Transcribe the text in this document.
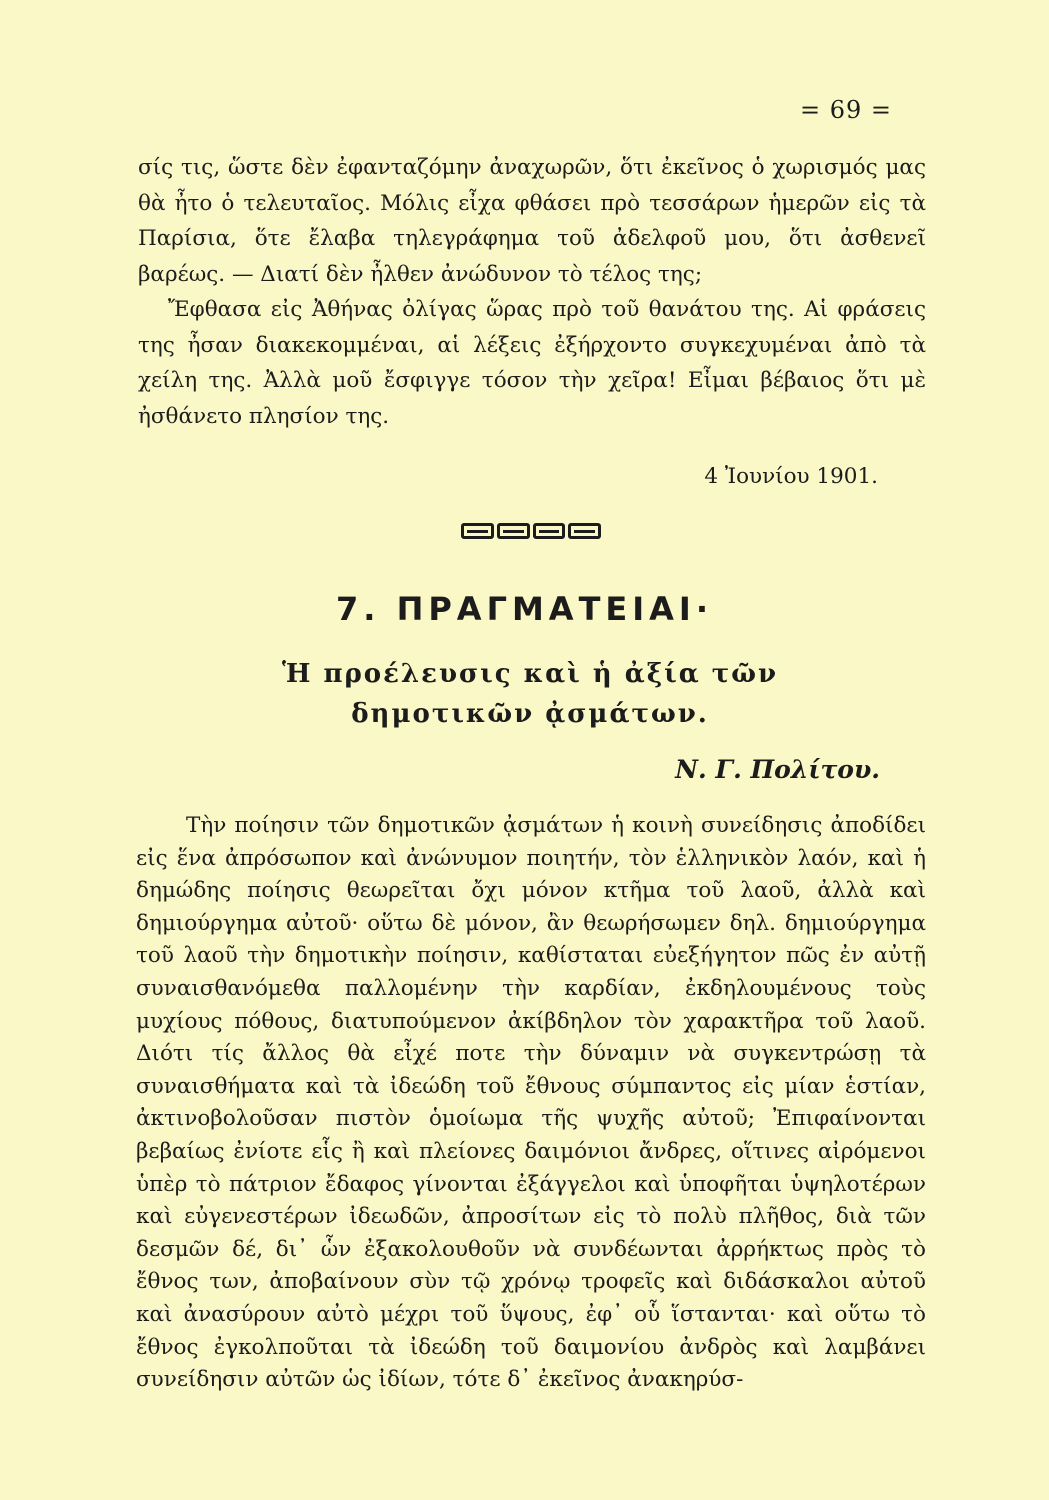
= 69 =

σίς τις, ὥστε δὲν ἐφανταζόμην ἀναχωρῶν, ὅτι ἐκεῖνος ὁ χωρισμός μας θὰ ἦτο ὁ τελευταῖος. Μόλις εἶχα φθάσει πρὸ τεσσάρων ἡμερῶν εἰς τὰ Παρίσια, ὅτε ἔλαβα τηλεγράφημα τοῦ ἀδελφοῦ μου, ὅτι ἀσθενεῖ βαρέως. — Διατί δὲν ἦλθεν ἀνώδυνον τὸ τέλος της;

Ἔφθασα εἰς Ἀθήνας ὀλίγας ὥρας πρὸ τοῦ θανάτου της. Αἱ φράσεις της ἦσαν διακεκομμέναι, αἱ λέξεις ἐξήρχοντο συγκεχυμέναι ἀπὸ τὰ χείλη της. Ἀλλὰ μοῦ ἔσφιγγε τόσον τὴν χεῖρα! Εἶμαι βέβαιος ὅτι μὲ ἠσθάνετο πλησίον της.

4 Ἰουνίου 1901.
7. ΠΡΑΓΜΑΤΕΙΑΙ·
Ἡ προέλευσις καὶ ἡ ἀξία τῶν δημοτικῶν ᾀσμάτων.
Ν. Γ. Πολίτου.

Τὴν ποίησιν τῶν δημοτικῶν ᾀσμάτων ἡ κοινὴ συνείδησις ἀποδίδει εἰς ἕνα ἀπρόσωπον καὶ ἀνώνυμον ποιητήν, τὸν ἑλληνικὸν λαόν, καὶ ἡ δημώδης ποίησις θεωρεῖται ὄχι μόνον κτῆμα τοῦ λαοῦ, ἀλλὰ καὶ δημιούργημα αὐτοῦ· οὕτω δὲ μόνον, ἂν θεωρήσωμεν δηλ. δημιούργημα τοῦ λαοῦ τὴν δημοτικὴν ποίησιν, καθίσταται εὐεξήγητον πῶς ἐν αὐτῇ συναισθανόμεθα παλλομένην τὴν καρδίαν, ἐκδηλουμένους τοὺς μυχίους πόθους, διατυπούμενον ἀκίβδηλον τὸν χαρακτῆρα τοῦ λαοῦ. Διότι τίς ἄλλος θὰ εἶχέ ποτε τὴν δύναμιν νὰ συγκεντρώσῃ τὰ συναισθήματα καὶ τὰ ἰδεώδη τοῦ ἔθνους σύμπαντος εἰς μίαν ἑστίαν, ἀκτινοβολοῦσαν πιστὸν ὁμοίωμα τῆς ψυχῆς αὐτοῦ; Ἐπιφαίνονται βεβαίως ἐνίοτε εἷς ἢ καὶ πλείονες δαιμόνιοι ἄνδρες, οἵτινες αἰρόμενοι ὑπὲρ τὸ πάτριον ἔδαφος γίνονται ἐξάγγελοι καὶ ὑποφῆται ὑψηλοτέρων καὶ εὐγενεστέρων ἰδεωδῶν, ἀπροσίτων εἰς τὸ πολὺ πλῆθος, διὰ τῶν δεσμῶν δέ, δι᾽ ὧν ἐξακολουθοῦν νὰ συνδέωνται ἀρρήκτως πρὸς τὸ ἔθνος των, ἀποβαίνουν σὺν τῷ χρόνῳ τροφεῖς καὶ διδάσκαλοι αὐτοῦ καὶ ἀνασύρουν αὐτὸ μέχρι τοῦ ὕψους, ἐφ᾽ οὗ ἵστανται· καὶ οὕτω τὸ ἔθνος ἐγκολποῦται τὰ ἰδεώδη τοῦ δαιμονίου ἀνδρὸς καὶ λαμβάνει συνείδησιν αὐτῶν ὡς ἰδίων, τότε δ᾽ ἐκεῖνος ἀνακηρύσ-
